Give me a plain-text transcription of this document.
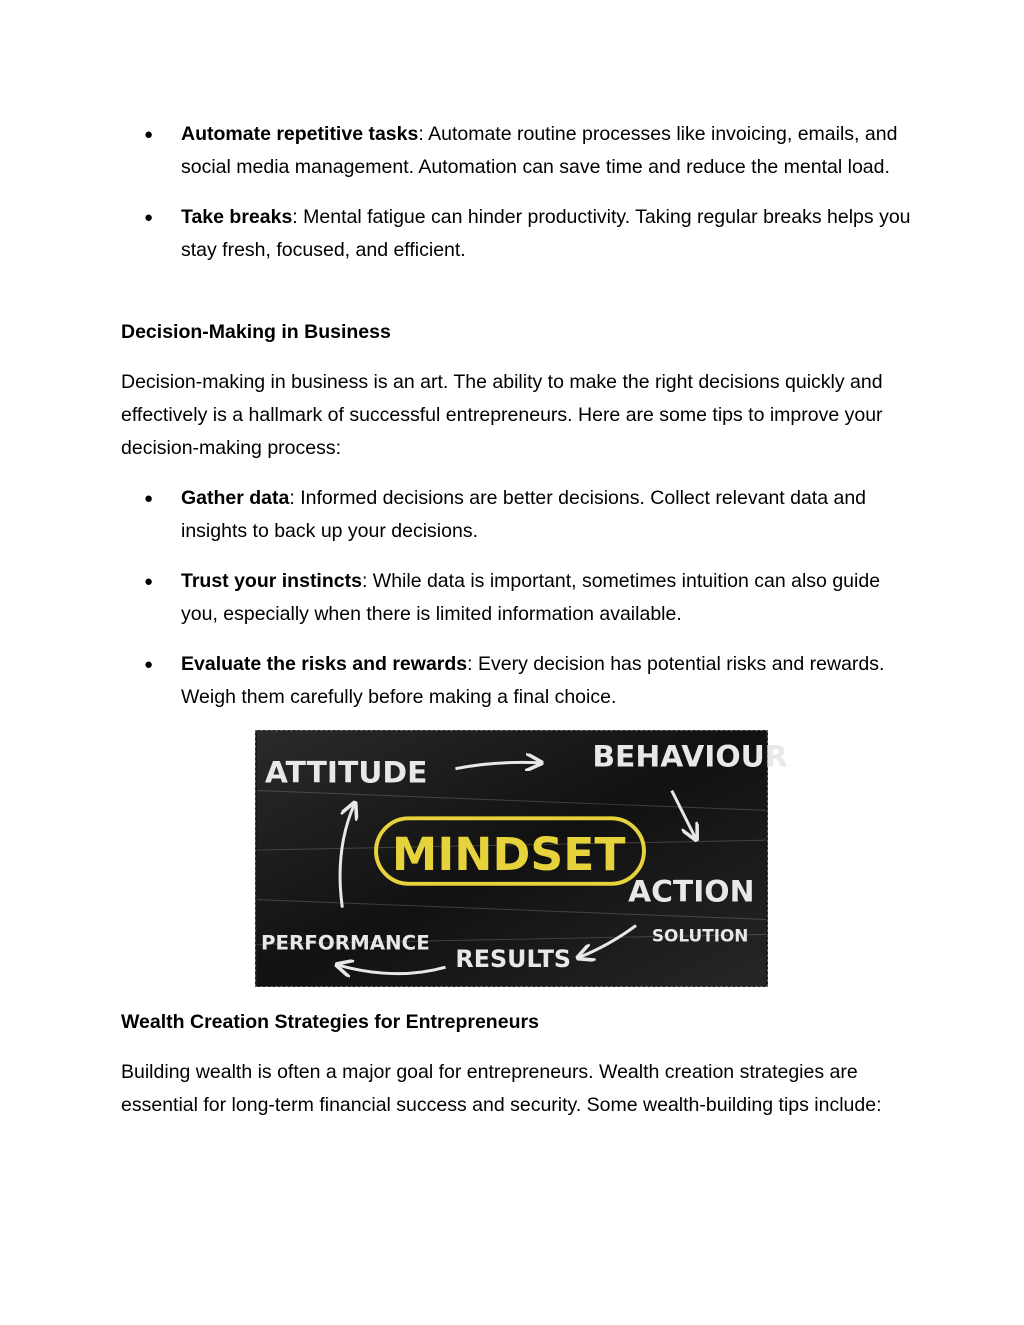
● Automate repetitive tasks: Automate routine processes like invoicing, emails, and social media management. Automation can save time and reduce the mental load.
● Take breaks: Mental fatigue can hinder productivity. Taking regular breaks helps you stay fresh, focused, and efficient.
Decision-Making in Business

Decision-making in business is an art. The ability to make the right decisions quickly and effectively is a hallmark of successful entrepreneurs. Here are some tips to improve your decision-making process:

● Gather data: Informed decisions are better decisions. Collect relevant data and insights to back up your decisions.
● Trust your instincts: While data is important, sometimes intuition can also guide you, especially when there is limited information available.
● Evaluate the risks and rewards: Every decision has potential risks and rewards. Weigh them carefully before making a final choice.
ATTITUDE	BEHAVIOUR
MINDSET
ACTION
SOLUTION
RESULTS
PERFORMANCE
Wealth Creation Strategies for Entrepreneurs

Building wealth is often a major goal for entrepreneurs. Wealth creation strategies are essential for long-term financial success and security. Some wealth-building tips include:
